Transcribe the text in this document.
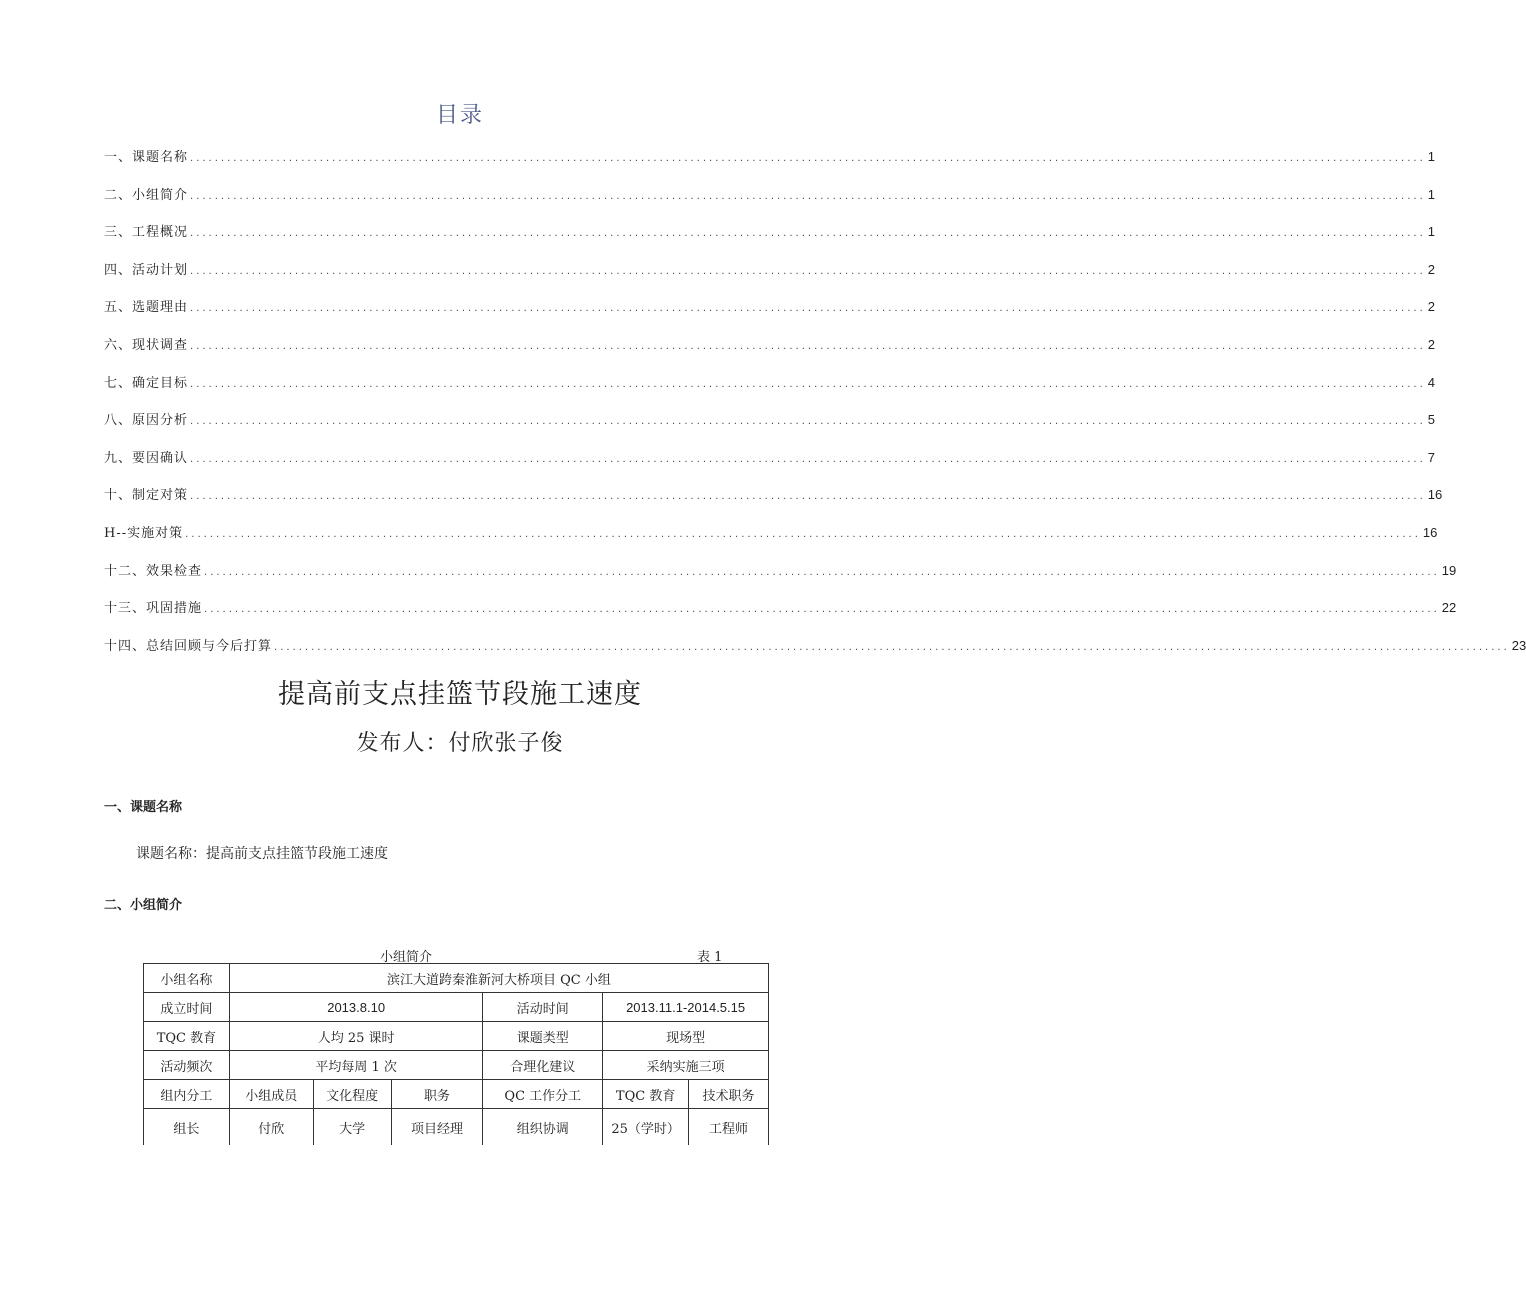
目录
一、课题名称 ........................................................................................................................................................................................................ 1
二、小组简介 ........................................................................................................................................................................................................ 1
三、工程概况 ........................................................................................................................................................................................................ 1
四、活动计划 ........................................................................................................................................................................................................ 2
五、选题理由 ........................................................................................................................................................................................................ 2
六、现状调查 ........................................................................................................................................................................................................ 2
七、确定目标 ........................................................................................................................................................................................................ 4
八、原因分析 ........................................................................................................................................................................................................ 5
九、要因确认 ........................................................................................................................................................................................................ 7
十、制定对策 ........................................................................................................................................................................................................ 16
H--实施对策 ........................................................................................................................................................................................................ 16
十二、效果检查 ........................................................................................................................................................................................................ 19
十三、巩固措施 ........................................................................................................................................................................................................ 22
十四、总结回顾与今后打算 ........................................................................................................................................................................................................ 23
提高前支点挂篮节段施工速度
发布人：付欣张子俊
一、课题名称
课题名称：提高前支点挂篮节段施工速度
二、小组简介
小组简介	表 1
小组名称	滨江大道跨秦淮新河大桥项目 QC 小组					
成立时间	2013.8.10			活动时间	2013.11.1-2014.5.15	
TQC 教育	人均 25 课时			课题类型	现场型	
活动频次	平均每周 1 次			合理化建议	采纳实施三项	
组内分工	小组成员	文化程度	职务	QC 工作分工	TQC 教育	技术职务
组长	付欣	大学	项目经理	组织协调	25（学时）	工程师
